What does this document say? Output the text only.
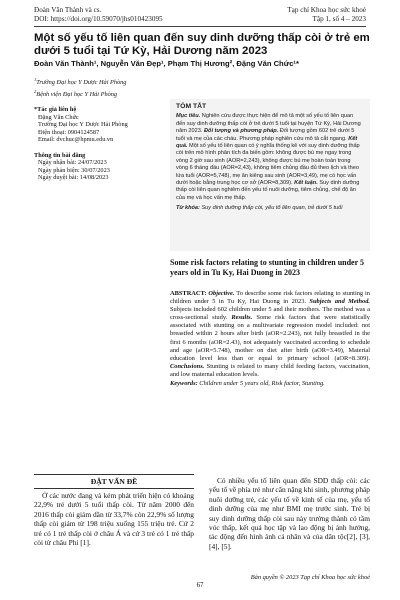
Đoàn Văn Thành và cs.
DOI: https://doi.org/10.59070/jhs010423095
Tạp chí Khoa học sức khoẻ
Tập 1, số 4 – 2023
Một số yếu tố liên quan đến suy dinh dưỡng thấp còi ở trẻ em dưới 5 tuổi tại Tứ Kỳ, Hải Dương năm 2023
Đoàn Văn Thành¹, Nguyễn Văn Đẹp¹, Phạm Thị Hương², Đặng Văn Chức¹*
$^1$Trường Đại học Y Dược Hải Phòng
$^2$Bệnh viện Đại học Y Hải Phòng
*Tác giả liên hệ
Đặng Văn Chức
Trường Đại học Y Dược Hải Phòng
Điện thoại: 0904124587
Email: dvchuc@hpmu.edu.vn
Thông tin bài đăng
Ngày nhận bài: 24/07/2023
Ngày phản biện: 30/07/2023
Ngày duyệt bài: 14/08/2023
TÓM TẮT
Mục tiêu. Nghiên cứu được thực hiện để mô tả một số yếu tố liên quan đến suy dinh dưỡng thấp còi ở trẻ dưới 5 tuổi tại huyện Tứ Kỳ, Hải Dương năm 2023. Đối tượng và phương pháp. Đối tượng gồm 602 trẻ dưới 5 tuổi và mẹ của các cháu. Phương pháp nghiên cứu mô tả cắt ngang. Kết quả. Một số yếu tố liên quan có ý nghĩa thống kê với suy dinh dưỡng thấp còi trên mô hình phân tích đa biến gồm: không được bú mẹ ngay trong vòng 2 giờ sau sinh (AOR=2,243), không được bú mẹ hoàn toàn trong vòng 6 tháng đầu (AOR=2,43), không tiêm chủng đầu đủ theo lịch và theo lứa tuổi (AOR=5,748), mẹ ăn kiêng sau sinh (AOR=3,49), mẹ có học vấn dưới hoặc bằng trung học cơ sở (AOR=8,309). Kết luận. Suy dinh dưỡng thấp còi liên quan nghiêm đến yếu tố nuôi dưỡng, tiêm chủng, chế độ ăn của mẹ và học vấn mẹ thấp.
Từ khóa: Suy dinh dưỡng thấp còi, yếu tố liên quan, trẻ dưới 5 tuổi
Some risk factors relating to stunting in children under 5 years old in Tu Ky, Hai Duong in 2023
ABSTRACT: Objective. To describe some risk factors relating to stunting in children under 5 in Tu Ky, Hai Duong in 2023. Subjects and Method. Subjects included 602 children under 5 and their mothers. The method was a cross-sectional study. Results. Some risk factors that were statistically associated with stunting on a multivariate regression model included: not breastfed within 2 hours after birth (aOR=2.243), not fully breastfed in the first 6 months (aOR=2.43), not adequately vaccinated according to schedule and age (aOR=5.748), mother on diet after birth (aOR=3.49), Material education level less than or equal to primary school (aOR=8.309). Conclusions. Stunting is related to many child feeding factors, vaccination, and low maternal education levels.
Keywords: Children under 5 years old, Risk factor, Stunting.
ĐẶT VẤN ĐỀ

Ở các nước đang và kém phát triển hiện có khoảng 22,9% trẻ dưới 5 tuổi thấp còi. Từ năm 2000 đến 2016 thấp còi giảm dần từ 33,7% còn 22,9% số lượng thấp còi giảm từ 198 triệu xuống 155 triệu trẻ. Cứ 2 trẻ có 1 trẻ thấp còi ở châu Á và cứ 3 trẻ có 1 trẻ thấp còi từ châu Phi [1].

Có nhiều yếu tố liên quan đến SDD thấp còi: các yếu tố về phía trẻ như cân nặng khi sinh, phương pháp nuôi dưỡng trẻ, các yếu tố về kinh tế của mẹ, yếu tố dinh dưỡng của mẹ như BMI mẹ trước sinh. Trẻ bị suy dinh dưỡng thấp còi sau này trưởng thành có tầm vóc thấp, kết quả học tập và lao động bị ảnh hưởng, tác động đến hình ảnh cá nhân và của dân tộc[2], [3], [4], [5].

Bản quyền © 2023 Tạp chí Khoa học sức khoẻ
67
